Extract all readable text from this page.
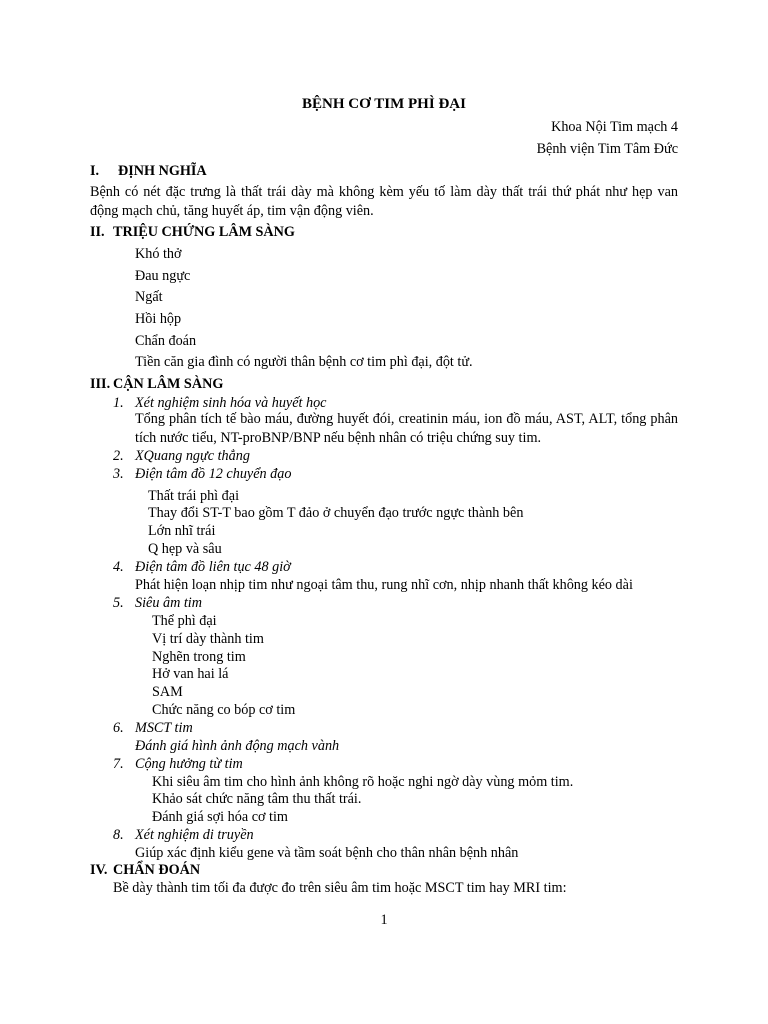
BỆNH CƠ TIM PHÌ ĐẠI
Khoa Nội Tim mạch 4
Bệnh viện Tim Tâm Đức
I. ĐỊNH NGHĨA
Bệnh có nét đặc trưng là thất trái dày mà không kèm yếu tố làm dày thất trái thứ phát như hẹp van động mạch chủ, tăng huyết áp, tim vận động viên.
II. TRIỆU CHỨNG LÂM SÀNG
Khó thở
Đau ngực
Ngất
Hồi hộp
Chẩn đoán
Tiền căn gia đình có người thân bệnh cơ tim phì đại, đột tử.
III. CẬN LÂM SÀNG
1. Xét nghiệm sinh hóa và huyết học
Tổng phân tích tế bào máu, đường huyết đói, creatinin máu, ion đồ máu, AST, ALT, tổng phân tích nước tiểu, NT-proBNP/BNP nếu bệnh nhân có triệu chứng suy tim.
2. XQuang ngực thẳng
3. Điện tâm đồ 12 chuyển đạo
Thất trái phì đại
Thay đổi ST-T bao gồm T đảo ở chuyển đạo trước ngực thành bên
Lớn nhĩ trái
Q hẹp và sâu
4. Điện tâm đồ liên tục 48 giờ
Phát hiện loạn nhịp tim như ngoại tâm thu, rung nhĩ cơn, nhịp nhanh thất không kéo dài
5. Siêu âm tim
Thể phì đại
Vị trí dày thành tim
Nghẽn trong tim
Hở van hai lá
SAM
Chức năng co bóp cơ tim
6. MSCT tim
Đánh giá hình ảnh động mạch vành
7. Cộng hưởng từ tim
Khi siêu âm tim cho hình ảnh không rõ hoặc nghi ngờ dày vùng mỏm tim.
Khảo sát chức năng tâm thu thất trái.
Đánh giá sợi hóa cơ tim
8. Xét nghiệm di truyền
Giúp xác định kiểu gene và tầm soát bệnh cho thân nhân bệnh nhân
IV. CHẨN ĐOÁN
Bề dày thành tim tối đa được đo trên siêu âm tim hoặc MSCT tim hay MRI tim:
1
